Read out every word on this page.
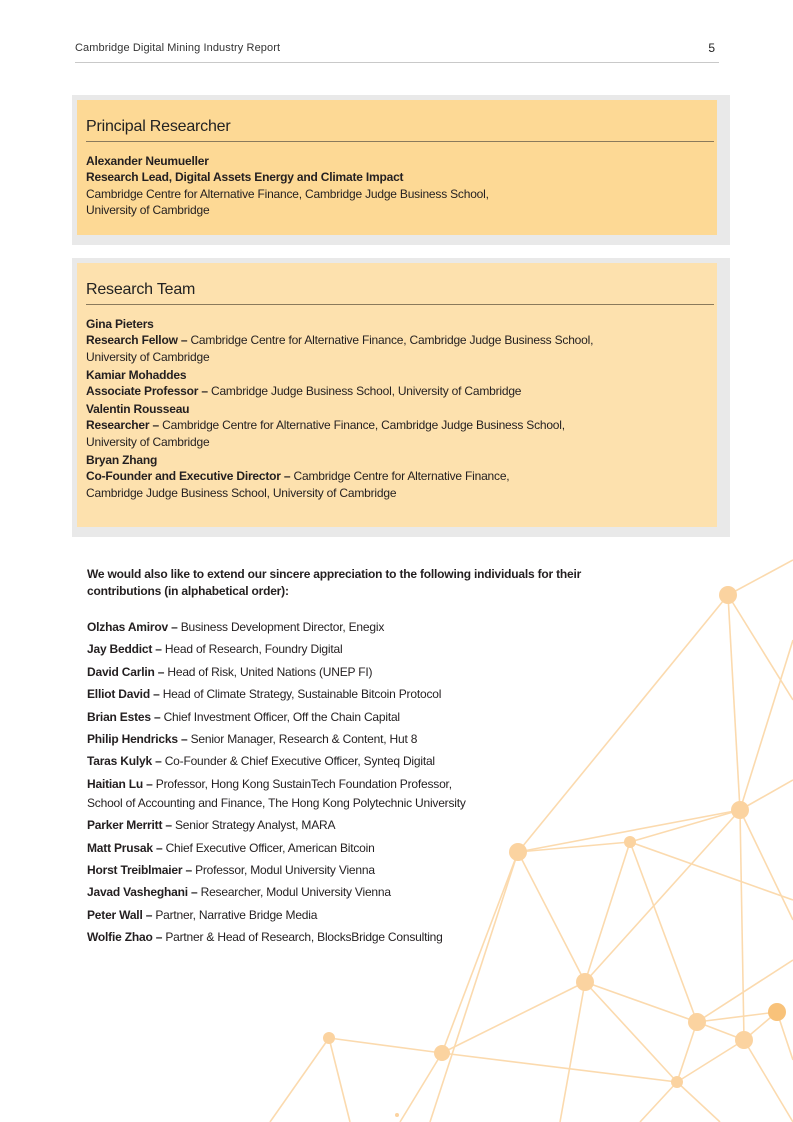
Cambridge Digital Mining Industry Report	5
Principal Researcher
Alexander Neumueller
Research Lead, Digital Assets Energy and Climate Impact
Cambridge Centre for Alternative Finance, Cambridge Judge Business School,
University of Cambridge
Research Team
Gina Pieters
Research Fellow – Cambridge Centre for Alternative Finance, Cambridge Judge Business School,
University of Cambridge
Kamiar Mohaddes
Associate Professor – Cambridge Judge Business School, University of Cambridge
Valentin Rousseau
Researcher – Cambridge Centre for Alternative Finance, Cambridge Judge Business School,
University of Cambridge
Bryan Zhang
Co-Founder and Executive Director – Cambridge Centre for Alternative Finance,
Cambridge Judge Business School, University of Cambridge
We would also like to extend our sincere appreciation to the following individuals for their contributions (in alphabetical order):
Olzhas Amirov – Business Development Director, Enegix
Jay Beddict – Head of Research, Foundry Digital
David Carlin – Head of Risk, United Nations (UNEP FI)
Elliot David – Head of Climate Strategy, Sustainable Bitcoin Protocol
Brian Estes – Chief Investment Officer, Off the Chain Capital
Philip Hendricks – Senior Manager, Research & Content, Hut 8
Taras Kulyk – Co-Founder & Chief Executive Officer, Synteq Digital
Haitian Lu – Professor, Hong Kong SustainTech Foundation Professor,
School of Accounting and Finance, The Hong Kong Polytechnic University
Parker Merritt – Senior Strategy Analyst, MARA
Matt Prusak – Chief Executive Officer, American Bitcoin
Horst Treiblmaier – Professor, Modul University Vienna
Javad Vasheghani – Researcher, Modul University Vienna
Peter Wall – Partner, Narrative Bridge Media
Wolfie Zhao – Partner & Head of Research, BlocksBridge Consulting
